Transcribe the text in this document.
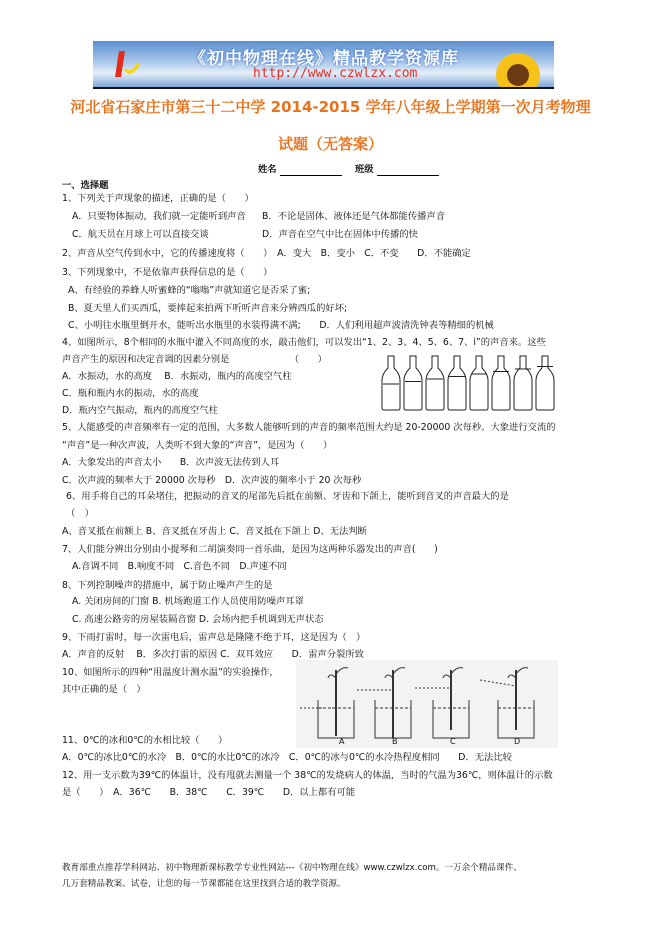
《初中物理在线》精品教学资源库
http://www.czwlzx.com
河北省石家庄市第三十二中学 2014-2015 学年八年级上学期第一次月考物理
试题（无答案）
姓名	班级
一、选择题
1、下列关于声现象的描述，正确的是（　　）
A．只要物体振动，我们就一定能听到声音 B．不论是固体、液体还是气体都能传播声音
C．航天员在月球上可以直接交谈	D．声音在空气中比在固体中传播的快
2、声音从空气传到水中，它的传播速度将（　　）　A．变大　B．变小　C．不变　　D．不能确定
3、下列现象中，不是依靠声获得信息的是（　　）
A、有经验的养蜂人听蜜蜂的“嗡嗡”声就知道它是否采了蜜;
B、夏天里人们买西瓜，要捧起来拍两下听听声音来分辨西瓜的好坏;
C、小明往水瓶里倒开水，能听出水瓶里的水装得满不满;　　D．人们利用超声波清洗钟表等精细的机械
4、如图所示，8个相同的水瓶中灌入不同高度的水，敲击他们，可以发出“1、2、3、4、5、6、7、i”的声音来。这些
声音产生的原因和决定音调的因素分别是　　　　　　　（　　）
A．水振动，水的高度　 B．水振动，瓶内的高度空气柱
C．瓶和瓶内水的振动，水的高度
D．瓶内空气振动，瓶内的高度空气柱
5、人能感受的声音频率有一定的范围，大多数人能够听到的声音的频率范围大约是 20-20000 次每秒。大象进行交流的
“声音”是一种次声波，人类听不到大象的“声音”，是因为（　　）
A．大象发出的声音太小　　B．次声波无法传到人耳
C．次声波的频率大于 20000 次每秒　D．次声波的频率小于 20 次每秒
6、用手将自己的耳朵堵住，把振动的音叉的尾部先后抵在前额、牙齿和下颌上，能听到音叉的声音最大的是
（　）
A、音叉抵在前额上 B、音叉抵在牙齿上 C、音叉抵在下颌上 D、无法判断
7、人们能分辨出分别由小提琴和二胡演奏同一首乐曲，是因为这两种乐器发出的声音(　　)
A.音调不同　B.响度不同　C.音色不同　D.声速不同
8、下列控制噪声的措施中，属于防止噪声产生的是
A. 关闭房间的门窗 B. 机场跑道工作人员使用防噪声耳罩
C. 高速公路旁的房屋装隔音窗 D. 会场内把手机调到无声状态
9、下雨打雷时，每一次雷电后，雷声总是隆隆不绝于耳，这是因为（　）
A．声音的反射　 B．多次打雷的原因 C．双耳效应　　D．雷声分裂所致
10、如图所示的四种“用温度计测水温”的实验操作，
其中正确的是（　）
A	B	C	D
11、0℃的冰和0℃的水相比较（　　）
A．0℃的冰比0℃的水冷　B．0℃的水比0℃的冰冷　C．0℃的冰与0℃的水冷热程度相同　　D．无法比较
12、用一支示数为39℃的体温计，没有甩就去测量一个 38℃的发烧病人的体温，当时的气温为36℃，则体温计的示数
是（　　）　A．36℃　　B．38℃　　C．39℃　　D．以上都有可能
教育部重点推荐学科网站、初中物理新课标教学专业性网站---《初中物理在线》www.czwlzx.com。一万余个精品课件、
几万套精品教案、试卷，让您的每一节课都能在这里找到合适的教学资源。
